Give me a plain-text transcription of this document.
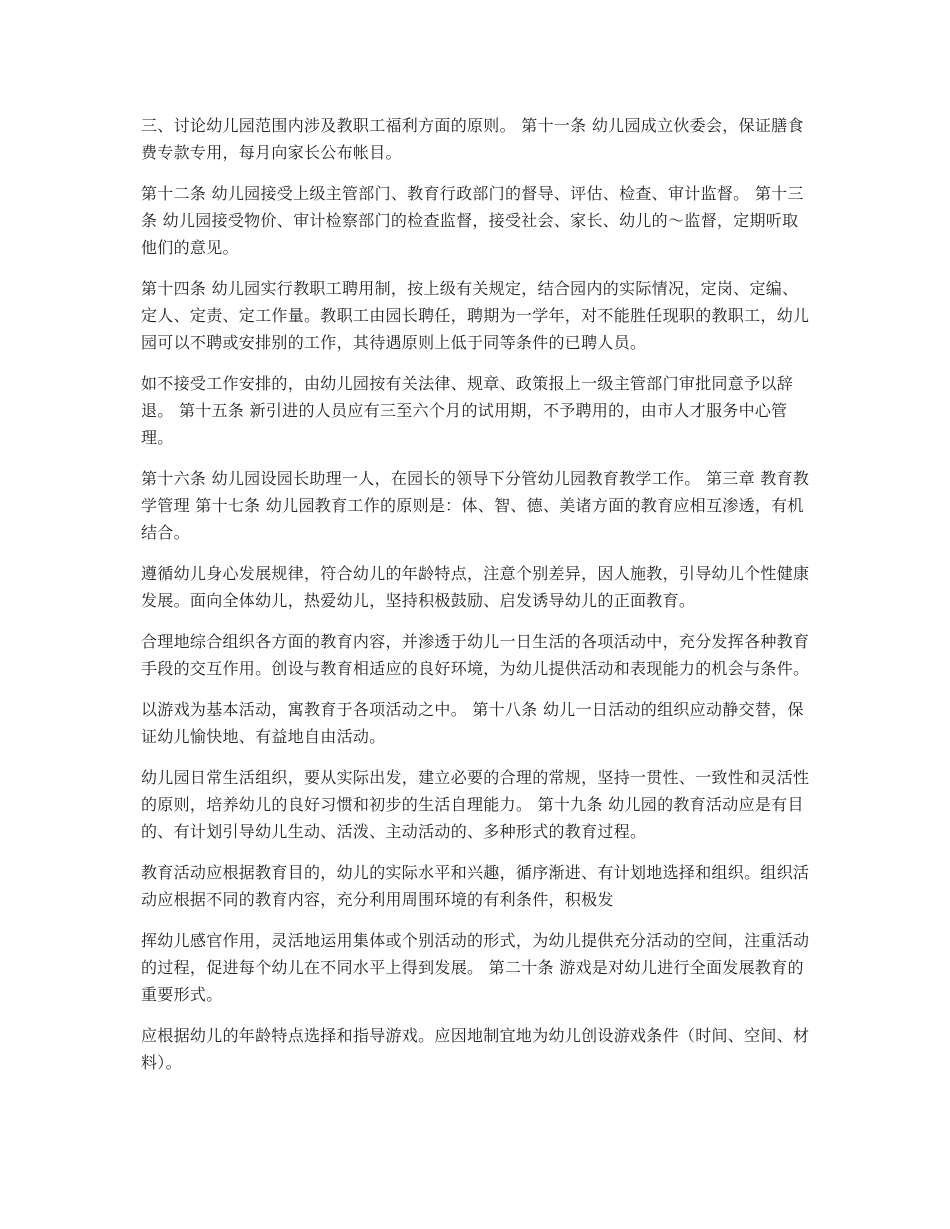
三、讨论幼儿园范围内涉及教职工福利方面的原则。 第十一条 幼儿园成立伙委会，保证膳食费专款专用，每月向家长公布帐目。

第十二条 幼儿园接受上级主管部门、教育行政部门的督导、评估、检查、审计监督。 第十三条 幼儿园接受物价、审计检察部门的检查监督，接受社会、家长、幼儿的～监督，定期听取他们的意见。

第十四条 幼儿园实行教职工聘用制，按上级有关规定，结合园内的实际情况，定岗、定编、定人、定责、定工作量。教职工由园长聘任，聘期为一学年，对不能胜任现职的教职工，幼儿园可以不聘或安排别的工作，其待遇原则上低于同等条件的已聘人员。

如不接受工作安排的，由幼儿园按有关法律、规章、政策报上一级主管部门审批同意予以辞退。 第十五条 新引进的人员应有三至六个月的试用期，不予聘用的，由市人才服务中心管理。

第十六条 幼儿园设园长助理一人，在园长的领导下分管幼儿园教育教学工作。 第三章 教育教学管理 第十七条 幼儿园教育工作的原则是：体、智、德、美诸方面的教育应相互渗透，有机结合。

遵循幼儿身心发展规律，符合幼儿的年龄特点，注意个别差异，因人施教，引导幼儿个性健康发展。面向全体幼儿，热爱幼儿，坚持积极鼓励、启发诱导幼儿的正面教育。

合理地综合组织各方面的教育内容，并渗透于幼儿一日生活的各项活动中，充分发挥各种教育手段的交互作用。创设与教育相适应的良好环境，为幼儿提供活动和表现能力的机会与条件。

以游戏为基本活动，寓教育于各项活动之中。 第十八条 幼儿一日活动的组织应动静交替，保证幼儿愉快地、有益地自由活动。

幼儿园日常生活组织，要从实际出发，建立必要的合理的常规，坚持一贯性、一致性和灵活性的原则，培养幼儿的良好习惯和初步的生活自理能力。 第十九条 幼儿园的教育活动应是有目的、有计划引导幼儿生动、活泼、主动活动的、多种形式的教育过程。

教育活动应根据教育目的，幼儿的实际水平和兴趣，循序渐进、有计划地选择和组织。组织活动应根据不同的教育内容，充分利用周围环境的有利条件，积极发

挥幼儿感官作用，灵活地运用集体或个别活动的形式，为幼儿提供充分活动的空间，注重活动的过程，促进每个幼儿在不同水平上得到发展。 第二十条 游戏是对幼儿进行全面发展教育的重要形式。

应根据幼儿的年龄特点选择和指导游戏。应因地制宜地为幼儿创设游戏条件（时间、空间、材料）。
